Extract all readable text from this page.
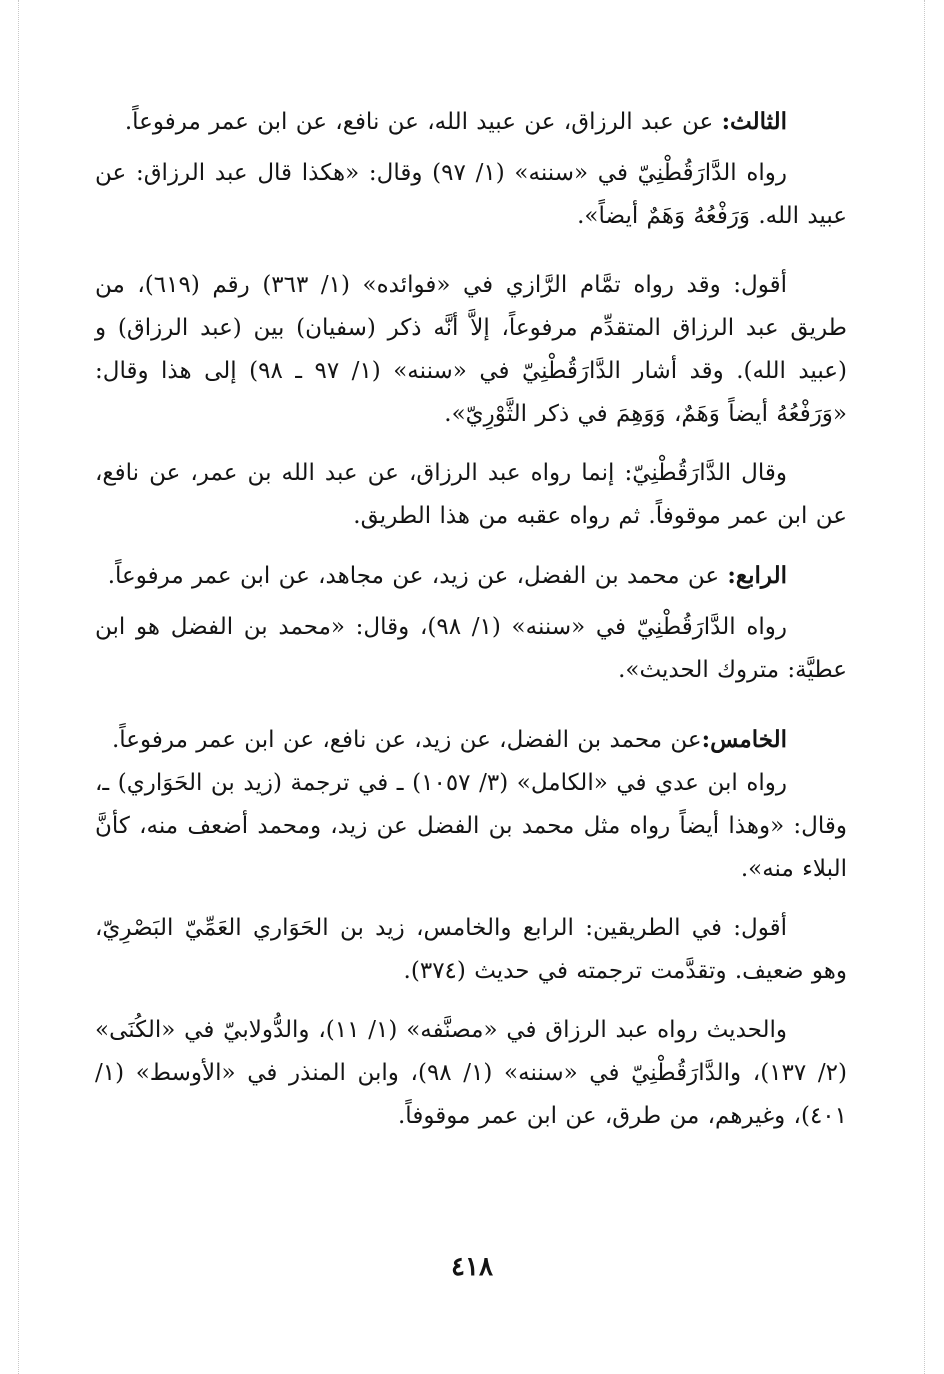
الثالث: عن عبد الرزاق، عن عبيد الله، عن نافع، عن ابن عمر مرفوعاً.

رواه الدَّارَقُطْنِيّ في «سننه» (١/ ٩٧) وقال: «هكذا قال عبد الرزاق: عن عبيد الله. وَرَفْعُهُ وَهَمٌ أيضاً».

أقول: وقد رواه تمَّام الرَّازي في «فوائده» (١/ ٣٦٣) رقم (٦١٩)، من طريق عبد الرزاق المتقدِّم مرفوعاً، إلاَّ أنَّه ذكر (سفيان) بين (عبد الرزاق) و (عبيد الله). وقد أشار الدَّارَقُطْنِيّ في «سننه» (١/ ٩٧ ـ ٩٨) إلى هذا وقال: «وَرَفْعُهُ أيضاً وَهَمٌ، وَوَهِمَ في ذكر الثَّوْرِيّ».

وقال الدَّارَقُطْنِيّ: إنما رواه عبد الرزاق، عن عبد الله بن عمر، عن نافع، عن ابن عمر موقوفاً. ثم رواه عقبه من هذا الطريق.

الرابع: عن محمد بن الفضل، عن زيد، عن مجاهد، عن ابن عمر مرفوعاً.

رواه الدَّارَقُطْنِيّ في «سننه» (١/ ٩٨)، وقال: «محمد بن الفضل هو ابن عطيَّة: متروك الحديث».

الخامس:عن محمد بن الفضل، عن زيد، عن نافع، عن ابن عمر مرفوعاً.

رواه ابن عدي في «الكامل» (٣/ ١٠٥٧) ـ في ترجمة (زيد بن الحَوَاري) ـ، وقال: «وهذا أيضاً رواه مثل محمد بن الفضل عن زيد، ومحمد أضعف منه، كأنَّ البلاء منه».

أقول: في الطريقين: الرابع والخامس، زيد بن الحَوَاري العَمِّيّ البَصْرِيّ، وهو ضعيف. وتقدَّمت ترجمته في حديث (٣٧٤).

والحديث رواه عبد الرزاق في «مصنَّفه» (١/ ١١)، والدُّولابيّ في «الكُنَى» (٢/ ١٣٧)، والدَّارَقُطْنِيّ في «سننه» (١/ ٩٨)، وابن المنذر في «الأوسط» (١/ ٤٠١)، وغيرهم، من طرق، عن ابن عمر موقوفاً.

٤١٨
